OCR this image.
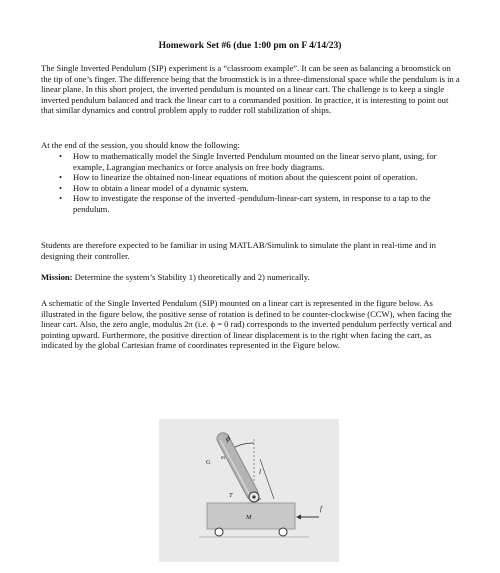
Homework Set #6 (due 1:00 pm on F 4/14/23)

The Single Inverted Pendulum (SIP) experiment is a “classroom example”. It can be seen as balancing a broomstick on the tip of one’s finger. The difference being that the broomstick is in a three-dimensional space while the pendulum is in a linear plane. In this short project, the inverted pendulum is mounted on a linear cart. The challenge is to keep a single inverted pendulum balanced and track the linear cart to a commanded position. In practice, it is interesting to point out that similar dynamics and control problem apply to rudder roll stabilization of ships.

At the end of the session, you should know the following:

• How to mathematically model the Single Inverted Pendulum mounted on the linear servo plant, using, for example, Lagrangian mechanics or force analysis on free body diagrams.
• How to linearize the obtained non-linear equations of motion about the quiescent point of operation.
• How to obtain a linear model of a dynamic system.
• How to investigate the response of the inverted -pendulum-linear-cart system, in response to a tap to the pendulum.

Students are therefore expected to be familiar in using MATLAB/Simulink to simulate the plant in real-time and in designing their controller.

Mission: Determine the system’s Stability 1) theoretically and 2) numerically.

A schematic of the Single Inverted Pendulum (SIP) mounted on a linear cart is represented in the figure below. As illustrated in the figure below, the positive sense of rotation is defined to be counter-clockwise (CCW), when facing the linear cart. Also, the zero angle, modulus 2π (i.e. ϕ = 0 rad) corresponds to the inverted pendulum perfectly vertical and pointing upward. Furthermore, the positive direction of linear displacement is to the right when facing the cart, as indicated by the global Cartesian frame of coordinates represented in the Figure below.

ϕ
G
m
l
T
P
M
f
